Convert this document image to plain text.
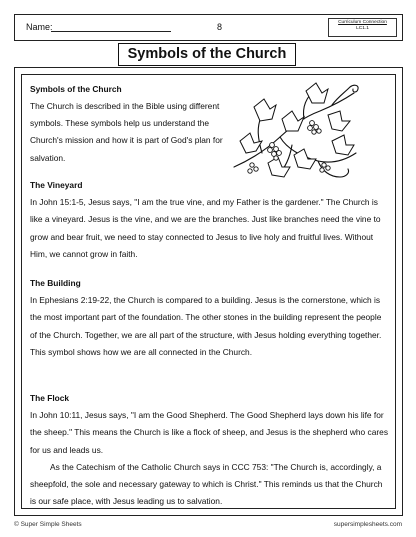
Name:	8	Curriculum Connection
LC1.1
Symbols of the Church

Symbols of the Church

The Church is described in the Bible using different symbols. These symbols help us understand the Church's mission and how it is part of God's plan for salvation.

The Vineyard

In John 15:1-5, Jesus says, "I am the true vine, and my Father is the gardener." The Church is like a vineyard. Jesus is the vine, and we are the branches. Just like branches need the vine to grow and bear fruit, we need to stay connected to Jesus to live holy and fruitful lives. Without Him, we cannot grow in faith.

The Building

In Ephesians 2:19-22, the Church is compared to a building. Jesus is the cornerstone, which is the most important part of the foundation. The other stones in the building represent the people of the Church. Together, we are all part of the structure, with Jesus holding everything together. This symbol shows how we are all connected in the Church.

The Flock

In John 10:11, Jesus says, "I am the Good Shepherd. The Good Shepherd lays down his life for the sheep." This means the Church is like a flock of sheep, and Jesus is the shepherd who cares for us and leads us.

As the Catechism of the Catholic Church says in CCC 753: "The Church is, accordingly, a sheepfold, the sole and necessary gateway to which is Christ." This reminds us that the Church is our safe place, with Jesus leading us to salvation.

© Super Simple Sheets	supersimplesheets.com
